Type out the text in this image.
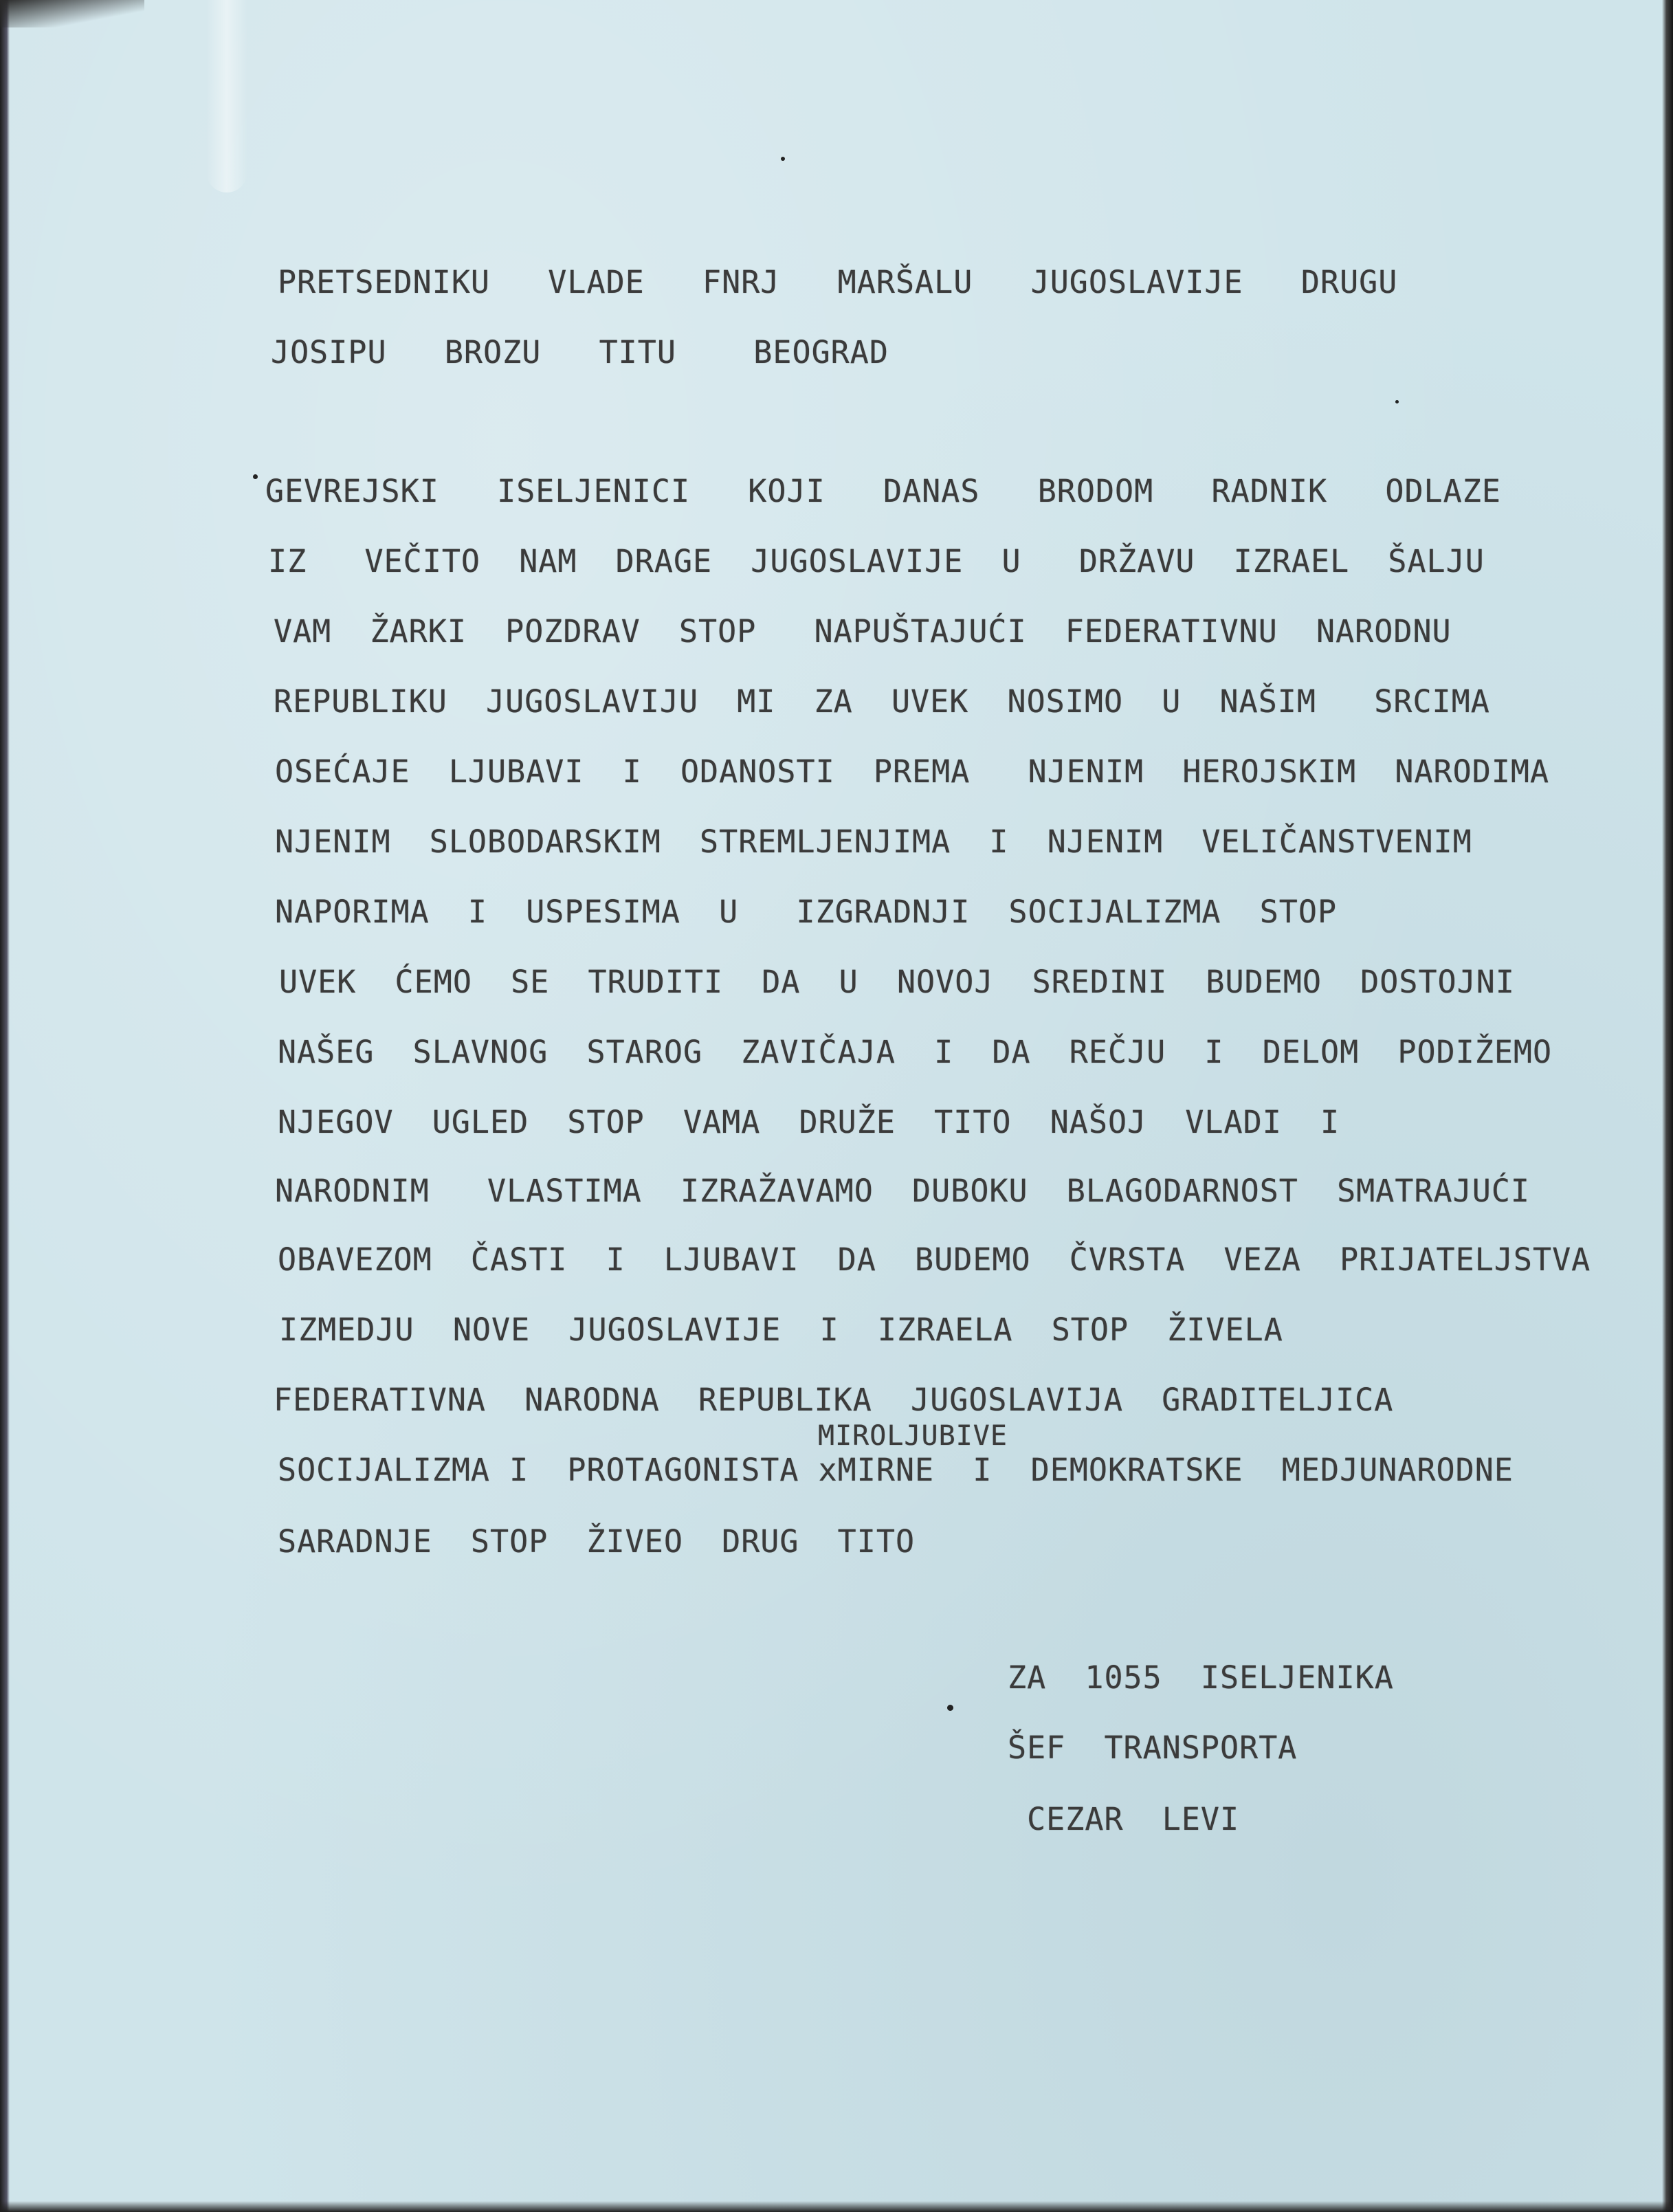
PRETSEDNIKU   VLADE   FNRJ   MARŠALU   JUGOSLAVIJE   DRUGU

JOSIPU   BROZU   TITU    BEOGRAD

GEVREJSKI   ISELJENICI   KOJI   DANAS   BRODOM   RADNIK   ODLAZE

IZ   VEČITO  NAM  DRAGE  JUGOSLAVIJE  U   DRŽAVU  IZRAEL  ŠALJU

VAM  ŽARKI  POZDRAV  STOP   NAPUŠTAJUĆI  FEDERATIVNU  NARODNU

REPUBLIKU  JUGOSLAVIJU  MI  ZA  UVEK  NOSIMO  U  NAŠIM   SRCIMA

OSEĆAJE  LJUBAVI  I  ODANOSTI  PREMA   NJENIM  HEROJSKIM  NARODIMA

NJENIM  SLOBODARSKIM  STREMLJENJIMA  I  NJENIM  VELIČANSTVENIM

NAPORIMA  I  USPESIMA  U   IZGRADNJI  SOCIJALIZMA  STOP

UVEK  ĆEMO  SE  TRUDITI  DA  U  NOVOJ  SREDINI  BUDEMO  DOSTOJNI

NAŠEG  SLAVNOG  STAROG  ZAVIČAJA  I  DA  REČJU  I  DELOM  PODIŽEMO

NJEGOV  UGLED  STOP  VAMA  DRUŽE  TITO  NAŠOJ  VLADI  I

NARODNIM   VLASTIMA  IZRAŽAVAMO  DUBOKU  BLAGODARNOST  SMATRAJUĆI

OBAVEZOM  ČASTI  I  LJUBAVI  DA  BUDEMO  ČVRSTA  VEZA  PRIJATELJSTVA

IZMEDJU  NOVE  JUGOSLAVIJE  I  IZRAELA  STOP  ŽIVELA

FEDERATIVNA  NARODNA  REPUBLIKA  JUGOSLAVIJA  GRADITELJICA

MIROLJUBIVE

SOCIJALIZMA I  PROTAGONISTA xMIRNE  I  DEMOKRATSKE  MEDJUNARODNE

SARADNJE  STOP  ŽIVEO  DRUG  TITO

ZA  1055  ISELJENIKA

ŠEF  TRANSPORTA

CEZAR  LEVI
